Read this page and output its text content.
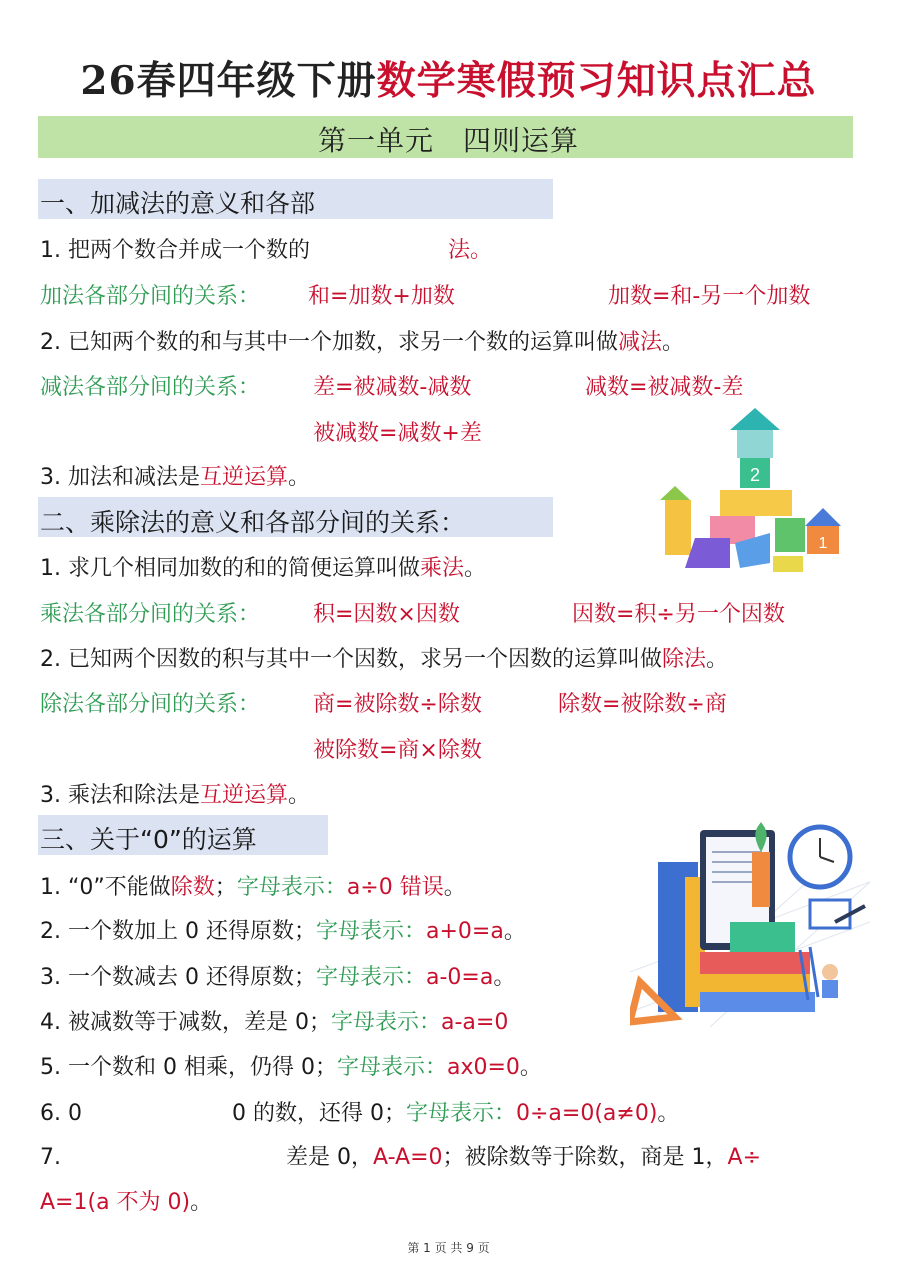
26春四年级下册数学寒假预习知识点汇总
第一单元　四则运算
一、加减法的意义和各部
1. 把两个数合并成一个数的	法。
加法各部分间的关系： 和=加数+加数	加数=和-另一个加数
2. 已知两个数的和与其中一个加数，求另一个数的运算叫做减法。
减法各部分间的关系： 差=被减数-减数	减数=被减数-差
被减数=减数+差
3. 加法和减法是互逆运算。
二、乘除法的意义和各部分间的关系：
1. 求几个相同加数的和的简便运算叫做乘法。
乘法各部分间的关系： 积=因数×因数	因数=积÷另一个因数
2. 已知两个因数的积与其中一个因数，求另一个因数的运算叫做除法。
除法各部分间的关系： 商=被除数÷除数	除数=被除数÷商
被除数=商×除数
3. 乘法和除法是互逆运算。
三、关于“0”的运算
1. “0”不能做除数；字母表示：a÷0 错误。
2. 一个数加上 0 还得原数；字母表示：a+0=a。
3. 一个数减去 0 还得原数；字母表示：a-0=a。
4. 被减数等于减数，差是 0；字母表示：a-a=0
5. 一个数和 0 相乘，仍得 0；字母表示：ax0=0。
6. 0	0 的数，还得 0；字母表示：0÷a=0(a≠0)。
7.	差是 0，A-A=0；被除数等于除数，商是 1，A÷
A=1(a 不为 0)。
2
1
第 1 页 共 9 页
